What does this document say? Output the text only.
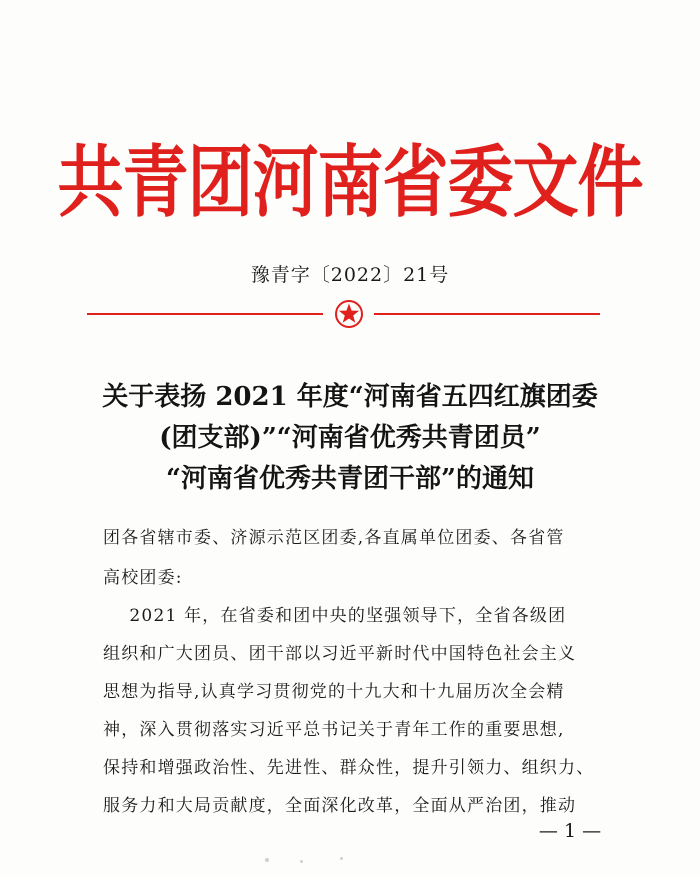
共青团河南省委文件
豫青字〔2022〕21号
关于表扬 2021 年度“河南省五四红旗团委
(团支部)”“河南省优秀共青团员”
“河南省优秀共青团干部”的通知
团各省辖市委、济源示范区团委,各直属单位团委、各省管
高校团委:
2021 年，在省委和团中央的坚强领导下，全省各级团
组织和广大团员、团干部以习近平新时代中国特色社会主义
思想为指导,认真学习贯彻党的十九大和十九届历次全会精
神，深入贯彻落实习近平总书记关于青年工作的重要思想,
保持和增强政治性、先进性、群众性，提升引领力、组织力、
服务力和大局贡献度，全面深化改革，全面从严治团，推动
— 1 —
